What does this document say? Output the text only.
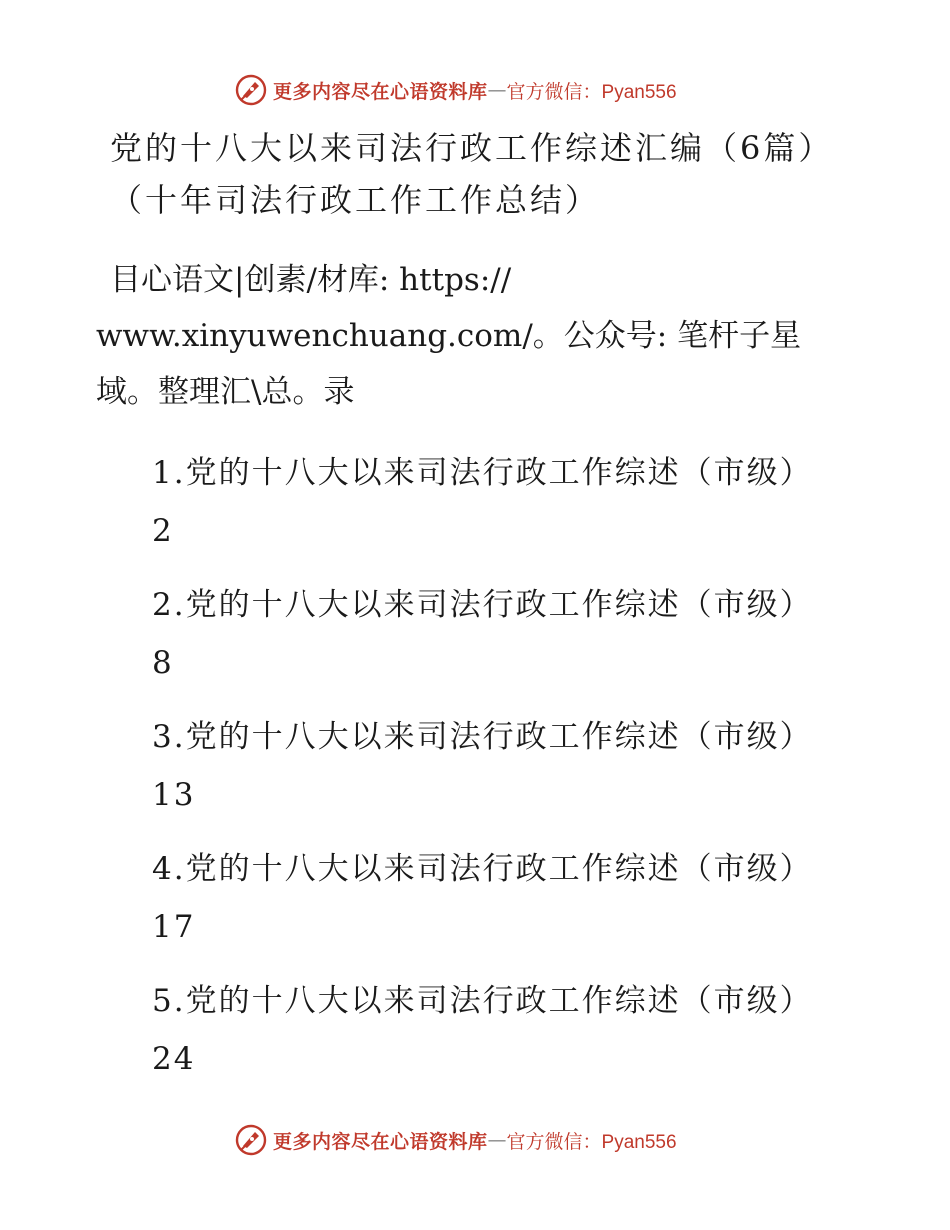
更多内容尽在心语资料库 — 官方微信：Pyan556
党的十八大以来司法行政工作综述汇编（6篇）
（十年司法行政工作工作总结）
目心语文|创素/材库: https://
www.xinyuwenchuang.com/。公众号: 笔杆子星
域。整理汇\总。录
1.党的十八大以来司法行政工作综述（市级）
2
2.党的十八大以来司法行政工作综述（市级）
8
3.党的十八大以来司法行政工作综述（市级）
13
4.党的十八大以来司法行政工作综述（市级）
17
5.党的十八大以来司法行政工作综述（市级）
24
更多内容尽在心语资料库 — 官方微信：Pyan556
